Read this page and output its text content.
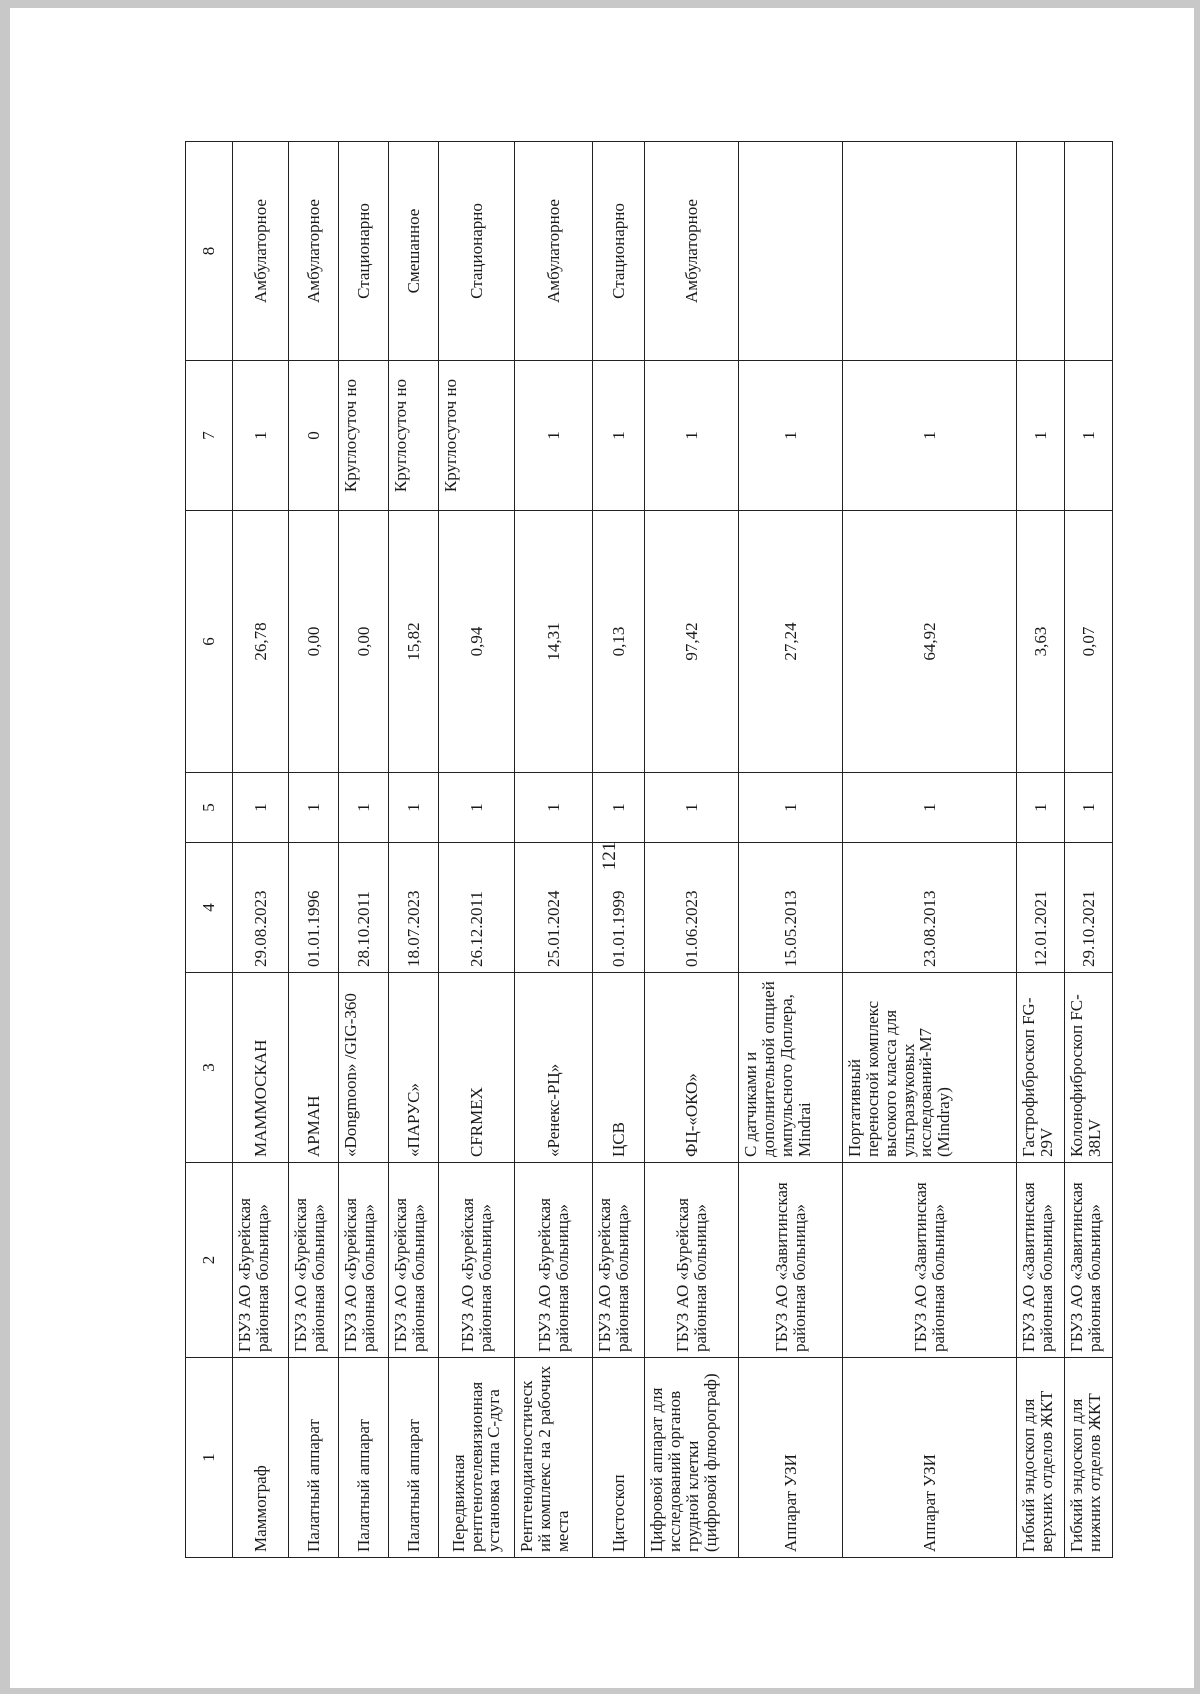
121
1	2	3	4	5	6	7	8
Маммограф	ГБУЗ АО «Бурейская районная больница»	МАММОСКАН	29.08.2023	1	26,78	1	Амбулаторное
Палатный аппарат	ГБУЗ АО «Бурейская районная больница»	АРМАН	01.01.1996	1	0,00	0	Амбулаторное
Палатный аппарат	ГБУЗ АО «Бурейская районная больница»	«Dongmoon» /GIG-360	28.10.2011	1	0,00	Круглосуточ но	Стационарно
Палатный аппарат	ГБУЗ АО «Бурейская районная больница»	«ПАРУС»	18.07.2023	1	15,82	Круглосуточ но	Смешанное
Передвижная рентгенотелевизионная установка типа С-дуга	ГБУЗ АО «Бурейская районная больница»	CFRMEX	26.12.2011	1	0,94	Круглосуточ но	Стационарно
Рентгенодиагностическ ий комплекс на 2 рабочих места	ГБУЗ АО «Бурейская районная больница»	«Ренекс-РЦ»	25.01.2024	1	14,31	1	Амбулаторное
Цистоскоп	ГБУЗ АО «Бурейская районная больница»	ЦСВ	01.01.1999	1	0,13	1	Стационарно
Цифровой аппарат для исследований органов грудной клетки (цифровой флюорограф)	ГБУЗ АО «Бурейская районная больница»	ФЦ-«ОКО»	01.06.2023	1	97,42	1	Амбулаторное
Аппарат УЗИ	ГБУЗ АО «Завитинская районная больница»	С датчиками и дополнительной опцией импульсного Доплера, Mindrai	15.05.2013	1	27,24	1	
Аппарат УЗИ	ГБУЗ АО «Завитинская районная больница»	Портативный переносной комплекс высокого класса для ультразвуковых исследований-M7 (Mindray)	23.08.2013	1	64,92	1	
Гибкий эндоскоп для верхних отделов ЖКТ	ГБУЗ АО «Завитинская районная больница»	Гастрофиброскоп FG-29V	12.01.2021	1	3,63	1	
Гибкий эндоскоп для нижних отделов ЖКТ	ГБУЗ АО «Завитинская районная больница»	Колонофиброскоп FC-38LV	29.10.2021	1	0,07	1	
